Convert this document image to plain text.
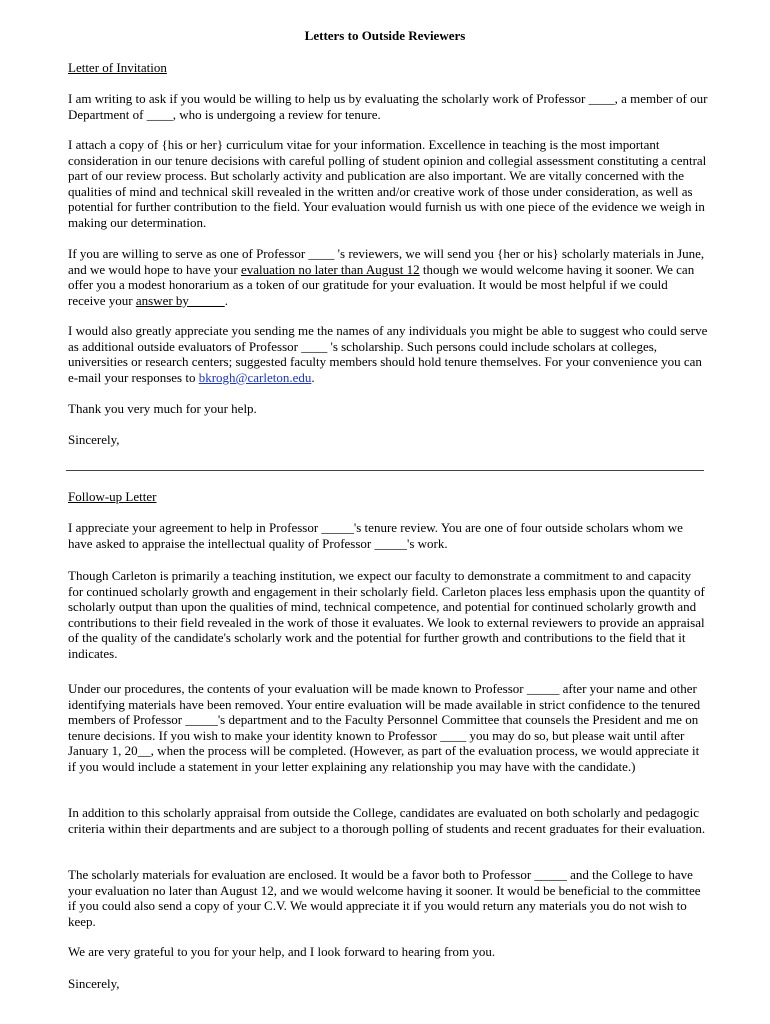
Letters to Outside Reviewers
Letter of Invitation

I am writing to ask if you would be willing to help us by evaluating the scholarly work of Professor ____, a member of our Department of ____, who is undergoing a review for tenure.

I attach a copy of {his or her} curriculum vitae for your information. Excellence in teaching is the most important consideration in our tenure decisions with careful polling of student opinion and collegial assessment constituting a central part of our review process. But scholarly activity and publication are also important. We are vitally concerned with the qualities of mind and technical skill revealed in the written and/or creative work of those under consideration, as well as potential for further contribution to the field. Your evaluation would furnish us with one piece of the evidence we weigh in making our determination.

If you are willing to serve as one of Professor ____ 's reviewers, we will send you {her or his} scholarly materials in June, and we would hope to have your evaluation no later than August 12 though we would welcome having it sooner. We can offer you a modest honorarium as a token of our gratitude for your evaluation. It would be most helpful if we could receive your answer by _____.

I would also greatly appreciate you sending me the names of any individuals you might be able to suggest who could serve as additional outside evaluators of Professor ____ 's scholarship. Such persons could include scholars at colleges, universities or research centers; suggested faculty members should hold tenure themselves. For your convenience you can e-mail your responses to bkrogh@carleton.edu.

Thank you very much for your help.

Sincerely,

Follow-up Letter

I appreciate your agreement to help in Professor _____'s tenure review. You are one of four outside scholars whom we have asked to appraise the intellectual quality of Professor _____'s work.

Though Carleton is primarily a teaching institution, we expect our faculty to demonstrate a commitment to and capacity for continued scholarly growth and engagement in their scholarly field. Carleton places less emphasis upon the quantity of scholarly output than upon the qualities of mind, technical competence, and potential for continued scholarly growth and contributions to their field revealed in the work of those it evaluates. We look to external reviewers to provide an appraisal of the quality of the candidate's scholarly work and the potential for further growth and contributions to the field that it indicates.

Under our procedures, the contents of your evaluation will be made known to Professor _____ after your name and other identifying materials have been removed. Your entire evaluation will be made available in strict confidence to the tenured members of Professor _____'s department and to the Faculty Personnel Committee that counsels the President and me on tenure decisions. If you wish to make your identity known to Professor ____ you may do so, but please wait until after January 1, 20__, when the process will be completed. (However, as part of the evaluation process, we would appreciate it if you would include a statement in your letter explaining any relationship you may have with the candidate.)

In addition to this scholarly appraisal from outside the College, candidates are evaluated on both scholarly and pedagogic criteria within their departments and are subject to a thorough polling of students and recent graduates for their evaluation.

The scholarly materials for evaluation are enclosed. It would be a favor both to Professor _____ and the College to have your evaluation no later than August 12, and we would welcome having it sooner. It would be beneficial to the committee if you could also send a copy of your C.V. We would appreciate it if you would return any materials you do not wish to keep.

We are very grateful to you for your help, and I look forward to hearing from you.

Sincerely,
